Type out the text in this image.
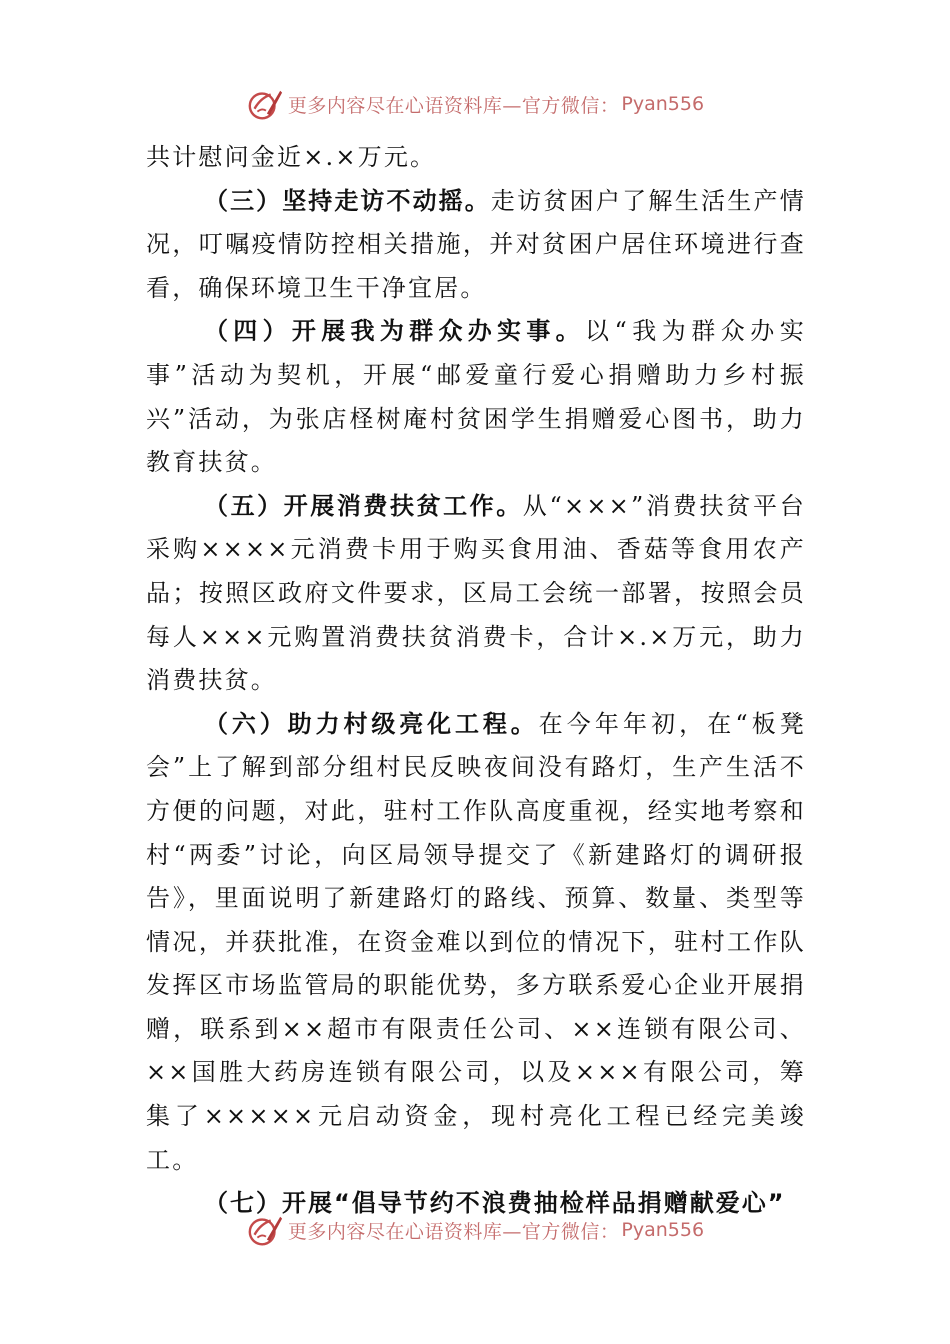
更多内容尽在心语资料库—官方微信： Pyan556

共计慰问金近×.×万元。

（三）坚持走访不动摇。走访贫困户了解生活生产情况，叮嘱疫情防控相关措施，并对贫困户居住环境进行查看，确保环境卫生干净宜居。

（四）开展我为群众办实事。以“我为群众办实事”活动为契机，开展“邮爱童行爱心捐赠助力乡村振兴”活动，为张店柽树庵村贫困学生捐赠爱心图书，助力教育扶贫。

（五）开展消费扶贫工作。从“×××”消费扶贫平台采购××××元消费卡用于购买食用油、香菇等食用农产品；按照区政府文件要求，区局工会统一部署，按照会员每人×××元购置消费扶贫消费卡，合计×.×万元，助力消费扶贫。

（六）助力村级亮化工程。在今年年初，在“板凳会”上了解到部分组村民反映夜间没有路灯，生产生活不方便的问题，对此，驻村工作队高度重视，经实地考察和村“两委”讨论，向区局领导提交了《新建路灯的调研报告》，里面说明了新建路灯的路线、预算、数量、类型等情况，并获批准，在资金难以到位的情况下，驻村工作队发挥区市场监管局的职能优势，多方联系爱心企业开展捐赠，联系到××超市有限责任公司、××连锁有限公司、××国胜大药房连锁有限公司，以及×××有限公司，筹集了×××××元启动资金，现村亮化工程已经完美竣工。

（七）开展“倡导节约不浪费抽检样品捐赠献爱心”

更多内容尽在心语资料库—官方微信： Pyan556
